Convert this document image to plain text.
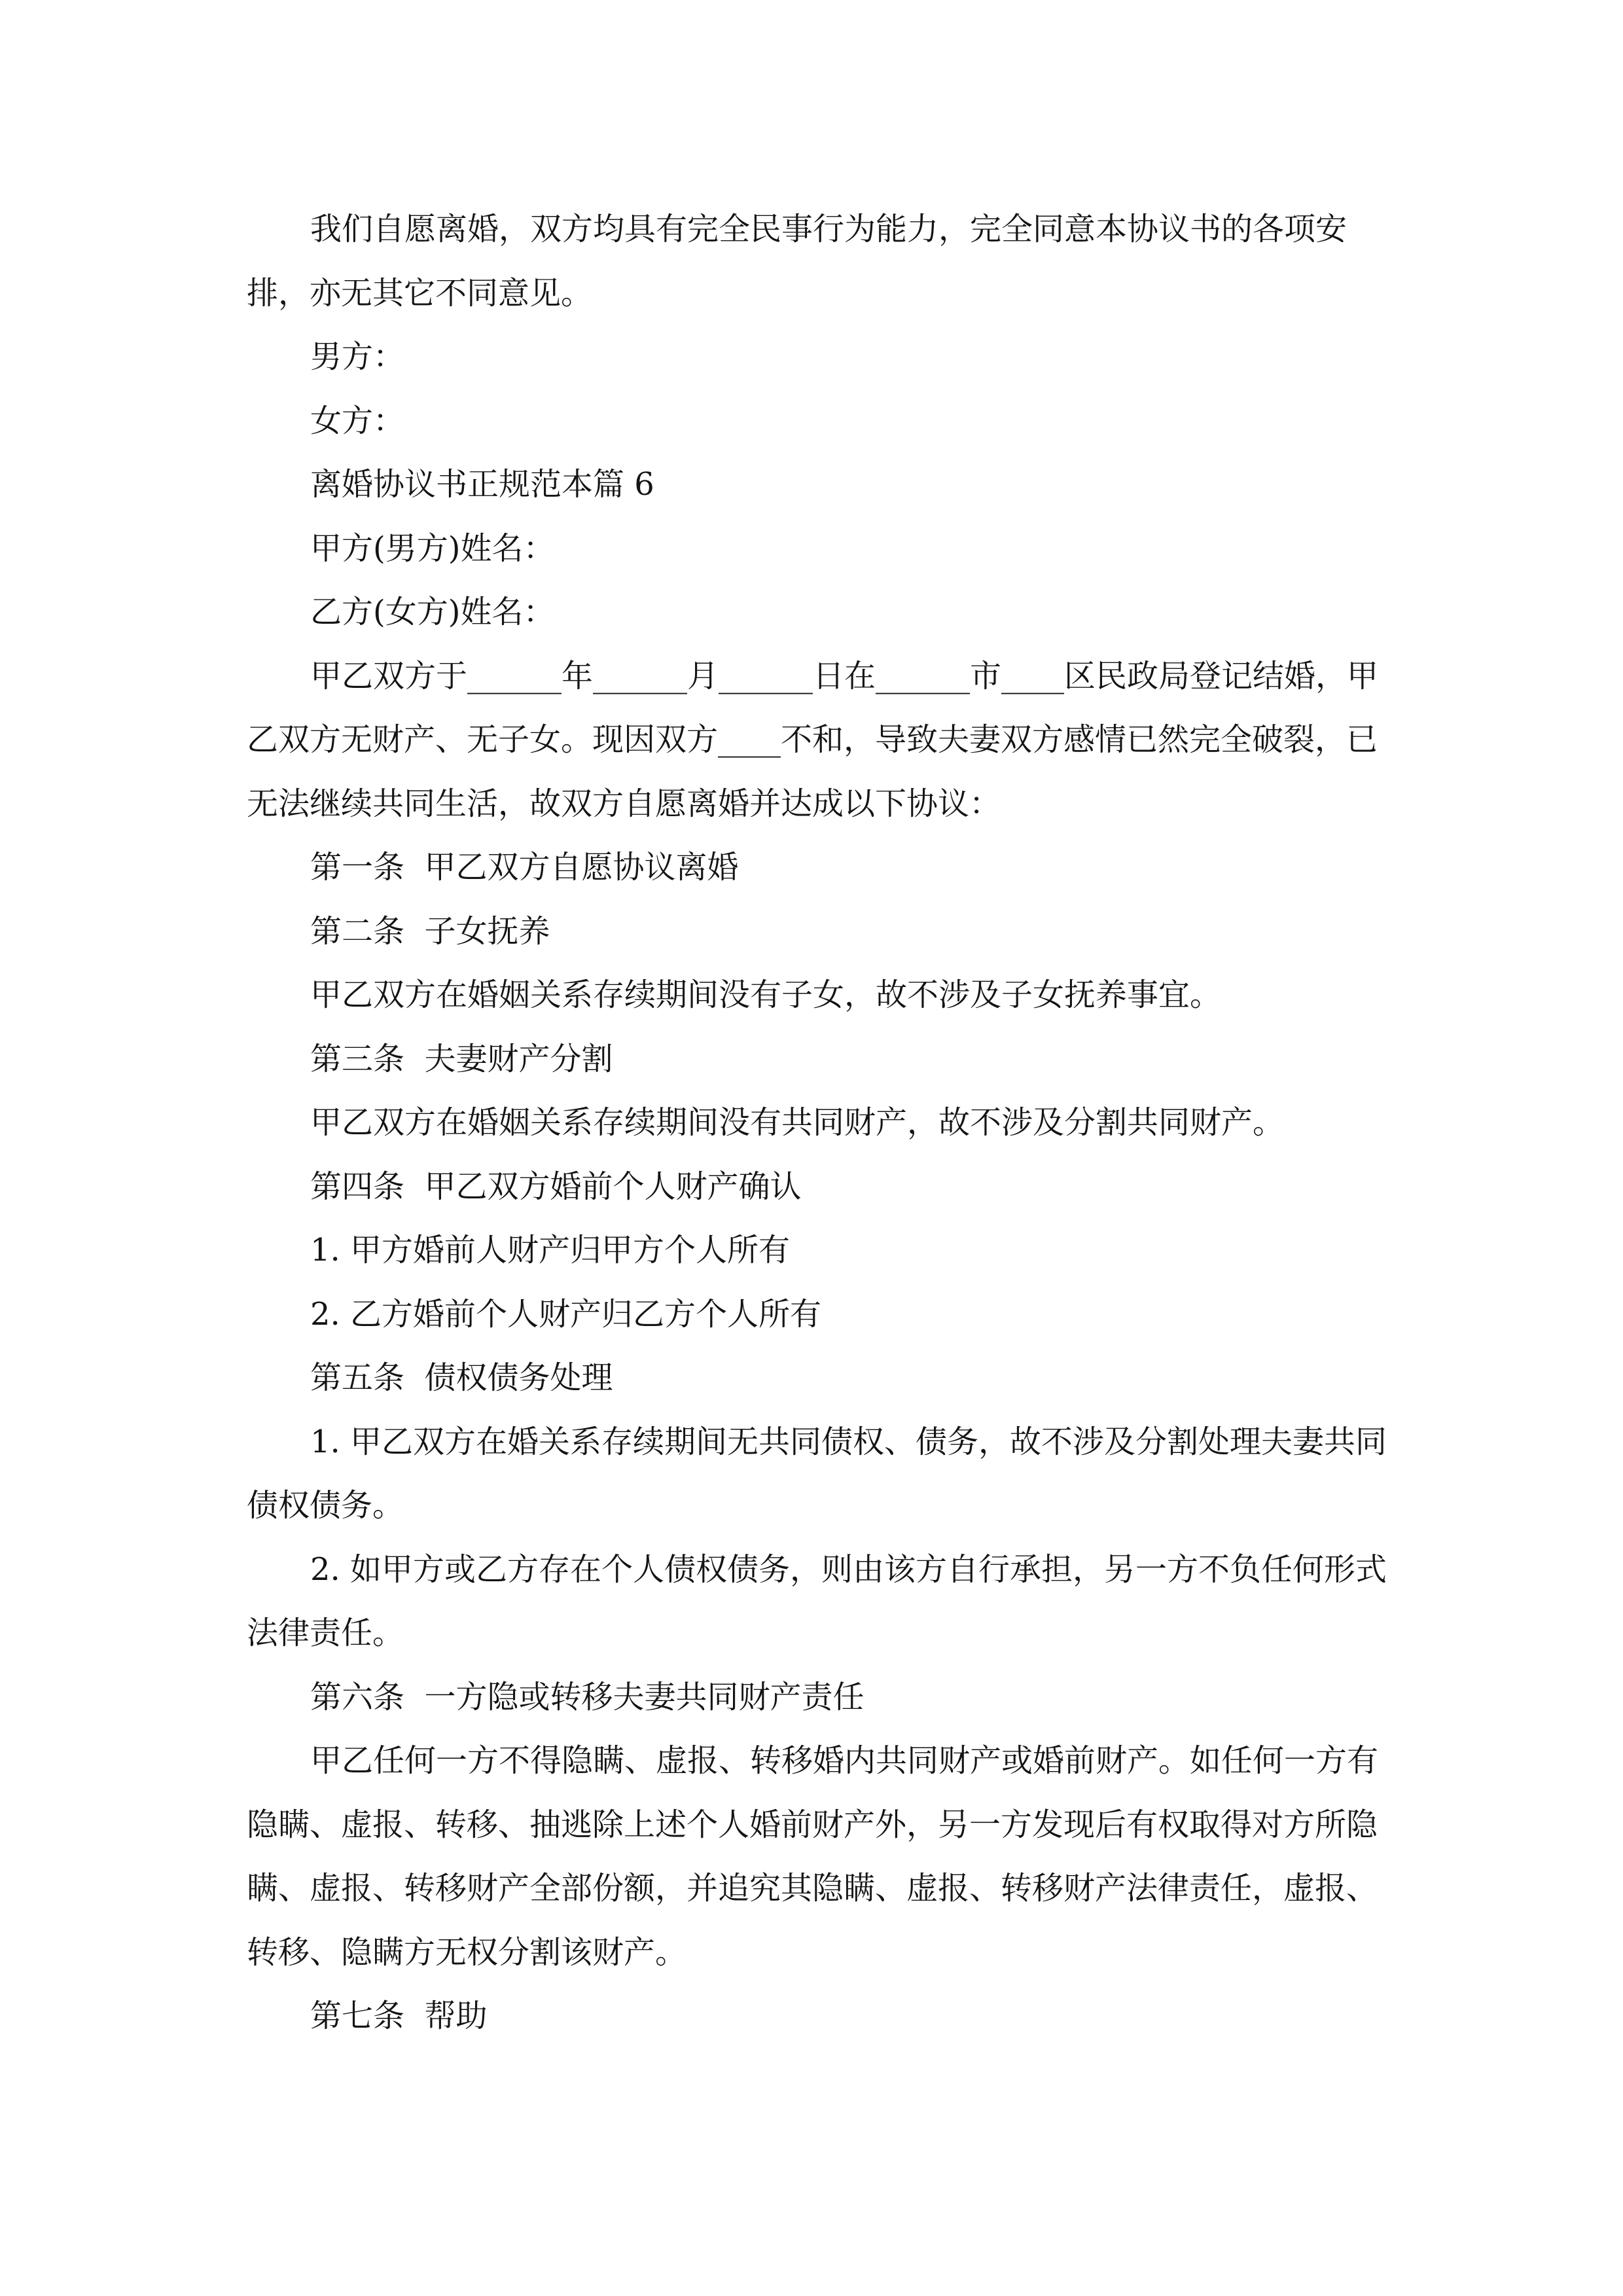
我们自愿离婚，双方均具有完全民事行为能力，完全同意本协议书的各项安排，亦无其它不同意见。

男方：

女方：

离婚协议书正规范本篇 6

甲方(男方)姓名：

乙方(女方)姓名：

甲乙双方于______年______月______日在______市____区民政局登记结婚，甲乙双方无财产、无子女。现因双方____不和，导致夫妻双方感情已然完全破裂，已无法继续共同生活，故双方自愿离婚并达成以下协议：

第一条  甲乙双方自愿协议离婚

第二条  子女抚养

甲乙双方在婚姻关系存续期间没有子女，故不涉及子女抚养事宜。

第三条  夫妻财产分割

甲乙双方在婚姻关系存续期间没有共同财产，故不涉及分割共同财产。

第四条  甲乙双方婚前个人财产确认

1. 甲方婚前人财产归甲方个人所有

2. 乙方婚前个人财产归乙方个人所有

第五条  债权债务处理

1. 甲乙双方在婚关系存续期间无共同债权、债务，故不涉及分割处理夫妻共同债权债务。

2. 如甲方或乙方存在个人债权债务，则由该方自行承担，另一方不负任何形式法律责任。

第六条  一方隐或转移夫妻共同财产责任

甲乙任何一方不得隐瞒、虚报、转移婚内共同财产或婚前财产。如任何一方有隐瞒、虚报、转移、抽逃除上述个人婚前财产外，另一方发现后有权取得对方所隐瞒、虚报、转移财产全部份额，并追究其隐瞒、虚报、转移财产法律责任，虚报、转移、隐瞒方无权分割该财产。

第七条  帮助
